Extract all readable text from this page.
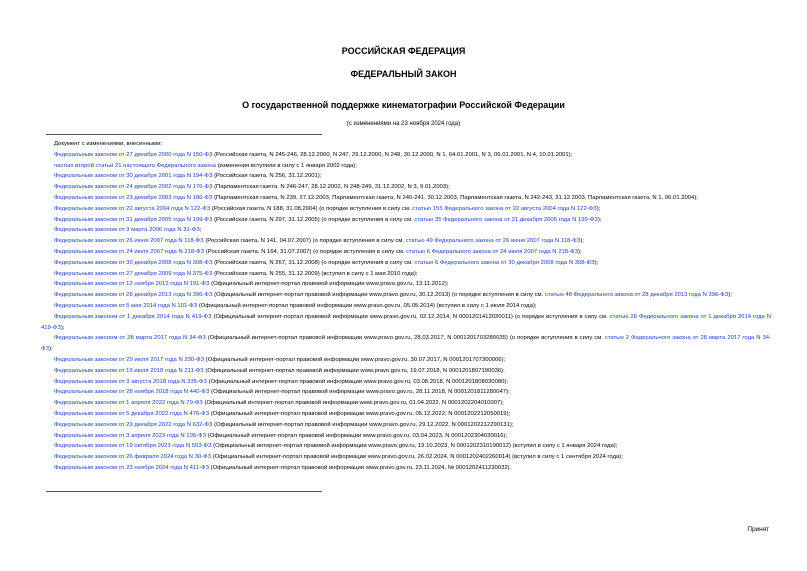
РОССИЙСКАЯ ФЕДЕРАЦИЯ
ФЕДЕРАЛЬНЫЙ ЗАКОН
О государственной поддержке кинематографии Российской Федерации
(с изменениями на 23 ноября 2024 года)

Документ с изменениями, внесенными:

Федеральным законом от 27 декабря 2000 года N 150-ФЗ (Российская газета, N 245-246, 28.12.2000, N 247, 29.12.2000, N 248, 30.12.2000, N 1, 04.01.2001, N 3, 06.01.2001, N 4, 10.01.2001);

частью второй статьи 21 настоящего Федерального закона (изменения вступили в силу с 1 января 2002 года);

Федеральным законом от 30 декабря 2001 года N 194-ФЗ (Российская газета, N 256, 31.12.2001);

Федеральным законом от 24 декабря 2002 года N 176-ФЗ (Парламентская газета, N 246-247, 28.12.2002, N 248-249, 31.12.2002, N 3, 9.01.2003);

Федеральным законом от 23 декабря 2003 года N 186-ФЗ (Парламентская газета, N 239, 27.12.2003, Парламентская газета, N 240-241, 30.12.2003, Парламентская газета, N 242-243, 31.12.2003, Парламентская газета, N 1, 06.01.2004);

Федеральным законом от 22 августа 2004 года N 122-ФЗ (Российская газета, N 188, 31.08.2004) (о порядке вступления в силу см. статью 155 Федерального закона от 22 августа 2004 года N 122-ФЗ);

Федеральным законом от 31 декабря 2005 года N 199-ФЗ (Российская газета, N 297, 31.12.2005) (о порядке вступления в силу см. статью 35 Федерального закона от 31 декабря 2005 года N 199-ФЗ);

Федеральным законом от 3 марта 2006 года N 31-ФЗ;

Федеральным законом от 26 июня 2007 года N 118-ФЗ (Российская газета, N 141, 04.07.2007) (о порядке вступления в силу см. статью 49 Федерального закона от 26 июня 2007 года N 118-ФЗ);

Федеральным законом от 24 июля 2007 года N 218-ФЗ (Российская газета, N 164, 31.07.2007) (о порядке вступления в силу см. статью 6 Федерального закона от 24 июля 2007 года N 218-ФЗ);

Федеральным законом от 30 декабря 2008 года N 308-ФЗ (Российская газета, N 267, 31.12.2008) (о порядке вступления в силу см. статью 6 Федерального закона от 30 декабря 2008 года N 308-ФЗ);

Федеральным законом от 27 декабря 2009 года N 375-ФЗ (Российская газета, N 255, 31.12.2009) (вступил в силу с 1 мая 2010 года);

Федеральным законом от 12 ноября 2012 года N 191-ФЗ (Официальный интернет-портал правовой информации www.pravo.gov.ru, 13.11.2012);

Федеральным законом от 28 декабря 2013 года N 396-ФЗ (Официальный интернет-портал правовой информации www.pravo.gov.ru, 30.12.2013) (о порядке вступления в силу см. статью 48 Федерального закона от 28 декабря 2013 года N 396-ФЗ);

Федеральным законом от 5 мая 2014 года N 101-ФЗ (Официальный интернет-портал правовой информации www.pravo.gov.ru, 05.05.2014) (вступил в силу с 1 июля 2014 года);

Федеральным законом от 1 декабря 2014 года N 419-ФЗ (Официальный интернет-портал правовой информации www.pravo.gov.ru, 02.12.2014, N 0001201412020011) (о порядке вступления в силу см. статью 26 Федерального закона от 1 декабря 2014 года N 419-ФЗ);

Федеральным законом от 28 марта 2017 года N 34-ФЗ (Официальный интернет-портал правовой информации www.pravo.gov.ru, 28.03.2017, N 0001201703280035) (о порядке вступления в силу см. статью 2 Федерального закона от 28 марта 2017 года N 34-ФЗ);

Федеральным законом от 29 июля 2017 года N 230-ФЗ (Официальный интернет-портал правовой информации www.pravo.gov.ru, 30.07.2017, N 0001201707300006);

Федеральным законом от 19 июля 2018 года N 211-ФЗ (Официальный интернет-портал правовой информации www.pravo.gov.ru, 19.07.2018, N 0001201807190036);

Федеральным законом от 3 августа 2018 года N 335-ФЗ (Официальный интернет-портал правовой информации www.pravo.gov.ru, 03.08.2018, N 0001201808030080);

Федеральным законом от 28 ноября 2018 года N 440-ФЗ (Официальный интернет-портал правовой информации www.pravo.gov.ru, 28.11.2018, N 0001201811280047);

Федеральным законом от 1 апреля 2022 года N 79-ФЗ (Официальный интернет-портал правовой информации www.pravo.gov.ru, 01.04.2022, N 0001202204010007);

Федеральным законом от 5 декабря 2022 года N 476-ФЗ (Официальный интернет-портал правовой информации www.pravo.gov.ru, 05.12.2022, N 0001202212050019);

Федеральным законом от 29 декабря 2022 года N 632-ФЗ (Официальный интернет-портал правовой информации www.pravo.gov.ru, 29.12.2022, N 0001202212290131);

Федеральным законом от 3 апреля 2023 года N 105-ФЗ (Официальный интернет-портал правовой информации www.pravo.gov.ru, 03.04.2023, N 0001202304030016);

Федеральным законом от 19 октября 2023 года N 503-ФЗ (Официальный интернет-портал правовой информации www.pravo.gov.ru, 19.10.2023, N 0001202310190012) (вступил в силу с 1 января 2024 года);

Федеральным законом от 26 февраля 2024 года N 30-ФЗ (Официальный интернет-портал правовой информации www.pravo.gov.ru, 26.02.2024, N 0001202402260014) (вступил в силу с 1 сентября 2024 года);

Федеральным законом от 23 ноября 2024 года N 411-ФЗ (Официальный интернет-портал правовой информации www.pravo.gov.ru, 23.11.2024, № 0001202411230032).

Принят
